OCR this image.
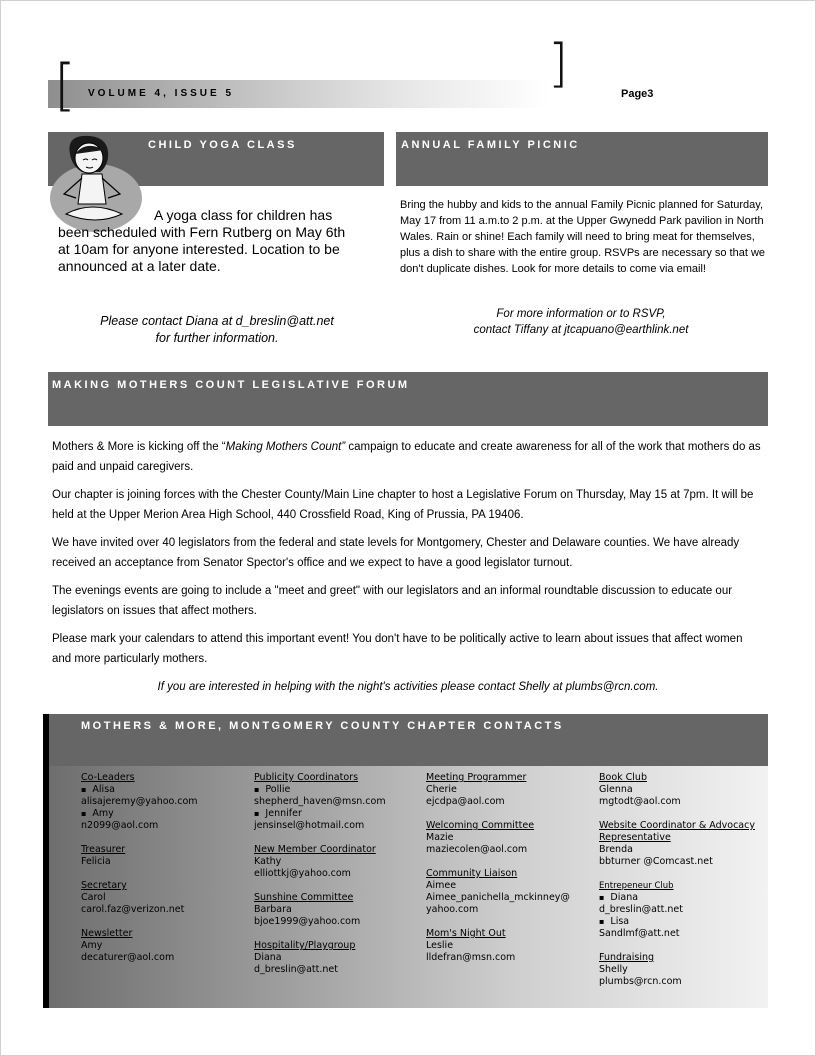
[	]
VOLUME 4, ISSUE 5	Page3
CHILD YOGA CLASS
A yoga class for children has been scheduled with Fern Rutberg on May 6th at 10am for anyone interested. Location to be announced at a later date.
Please contact Diana at d_breslin@att.net
for further information.
ANNUAL FAMILY PICNIC
Bring the hubby and kids to the annual Family Picnic planned for Saturday, May 17 from 11 a.m.to 2 p.m. at the Upper Gwynedd Park pavilion in North Wales. Rain or shine! Each family will need to bring meat for themselves, plus a dish to share with the entire group. RSVPs are necessary so that we don't duplicate dishes. Look for more details to come via email!
For more information or to RSVP,
contact Tiffany at jtcapuano@earthlink.net
MAKING MOTHERS COUNT LEGISLATIVE FORUM

Mothers & More is kicking off the “Making Mothers Count” campaign to educate and create awareness for all of the work that mothers do as paid and unpaid caregivers.

Our chapter is joining forces with the Chester County/Main Line chapter to host a Legislative Forum on Thursday, May 15 at 7pm. It will be held at the Upper Merion Area High School, 440 Crossfield Road, King of Prussia, PA 19406.

We have invited over 40 legislators from the federal and state levels for Montgomery, Chester and Delaware counties. We have already received an acceptance from Senator Spector's office and we expect to have a good legislator turnout.

The evenings events are going to include a "meet and greet" with our legislators and an informal roundtable discussion to educate our legislators on issues that affect mothers.

Please mark your calendars to attend this important event! You don't have to be politically active to learn about issues that affect women and more particularly mothers.

If you are interested in helping with the night's activities please contact Shelly at plumbs@rcn.com.

MOTHERS & MORE, MONTGOMERY COUNTY CHAPTER CONTACTS
Co-Leaders
▪ Alisa
alisajeremy@yahoo.com
▪ Amy
n2099@aol.com
Treasurer
Felicia
Secretary
Carol
carol.faz@verizon.net
Newsletter
Amy
decaturer@aol.com
Publicity Coordinators
▪ Pollie
shepherd_haven@msn.com
▪ Jennifer
jensinsel@hotmail.com
New Member Coordinator
Kathy
elliottkj@yahoo.com
Sunshine Committee
Barbara
bjoe1999@yahoo.com
Hospitality/Playgroup
Diana
d_breslin@att.net
Meeting Programmer
Cherie
ejcdpa@aol.com
Welcoming Committee
Mazie
maziecolen@aol.com
Community Liaison
Aimee
Aimee_panichella_mckinney@
yahoo.com
Mom's Night Out
Leslie
lldefran@msn.com
Book Club
Glenna
mgtodt@aol.com
Website Coordinator & Advocacy
Representative
Brenda
bbturner @Comcast.net
Entrepeneur Club
▪ Diana
d_breslin@att.net
▪ Lisa
Sandlmf@att.net
Fundraising
Shelly
plumbs@rcn.com
